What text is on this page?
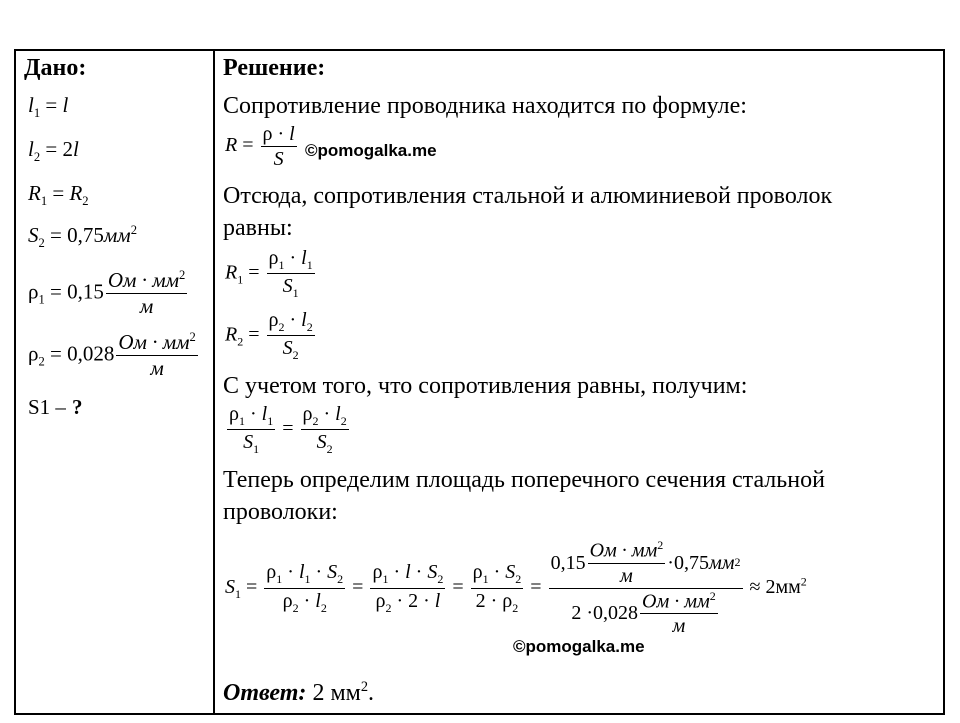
Дано:
$l_1 = l$
$l_2 = 2l$
$R_1 = R_2$
$S_2 = 0,75мм^2$
$\rho_1 = 0,15 \frac{Ом \cdot мм^2}{м}$
$\rho_2 = 0,028 \frac{Ом \cdot мм^2}{м}$
S1 – ?
Решение:
Сопротивление проводника находится по формуле:
$R = \frac{\rho \cdot l}{S}$ ©pomogalka.me
Отсюда, сопротивления стальной и алюминиевой проволок
равны:
$R_1 = \frac{\rho_1 \cdot l_1}{S_1}$
$R_2 = \frac{\rho_2 \cdot l_2}{S_2}$
С учетом того, что сопротивления равны, получим:
$\frac{\rho_1 \cdot l_1}{S_1} = \frac{\rho_2 \cdot l_2}{S_2}$
Теперь определим площадь поперечного сечения стальной
проволоки:
$S_1 = \frac{\rho_1 \cdot l_1 \cdot S_2}{\rho_2 \cdot l_2} = \frac{\rho_1 \cdot l \cdot S_2}{\rho_2 \cdot 2 \cdot l} = \frac{\rho_1 \cdot S_2}{2 \cdot \rho_2} = \frac{0,15 \frac{Ом \cdot мм^2}{м} \cdot 0,75 мм 2}{2 \cdot 0,028 \frac{Ом \cdot мм^2}{м}} \approx 2мм^2$
©pomogalka.me
Ответ: 2 $мм^2$.
